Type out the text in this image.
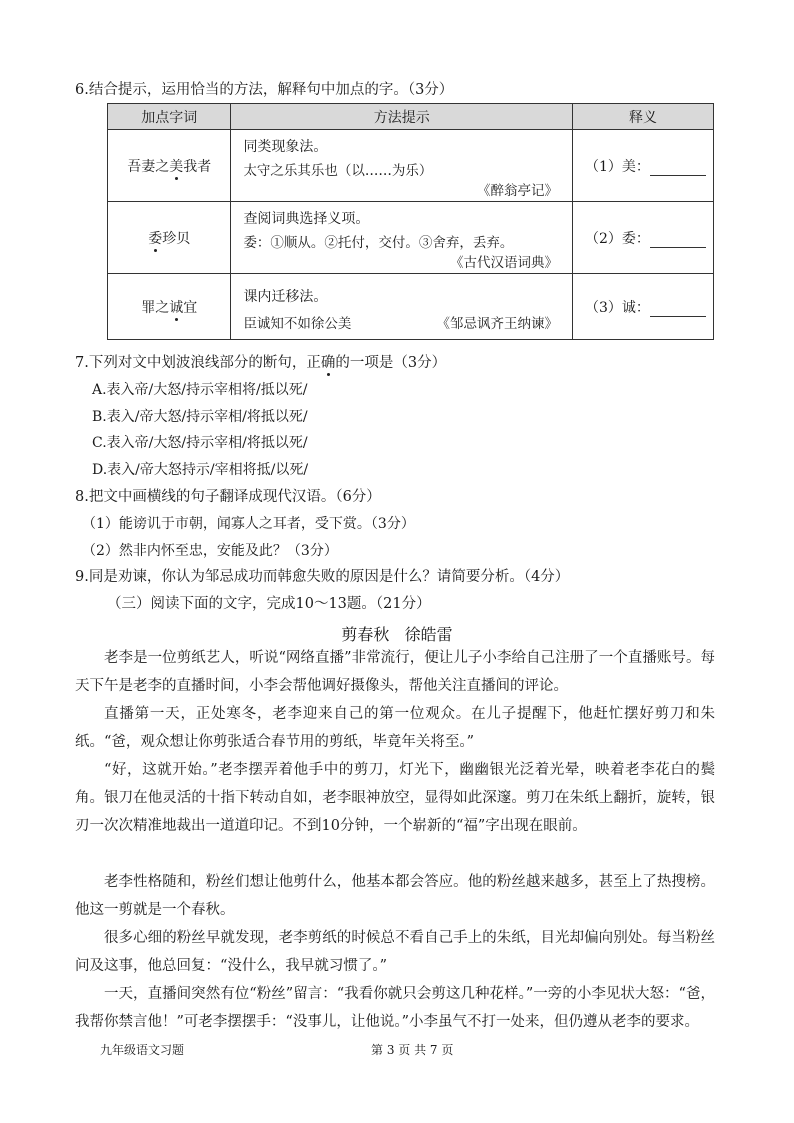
6.结合提示，运用恰当的方法，解释句中加点的字。（3分）
加点字词	方法提示	释义
吾妻之美我者	同类现象法。
太守之乐其乐也（以……为乐）
《醉翁亭记》	（1）美：
委珍贝	查阅词典选择义项。
委：①顺从。②托付，交付。③舍弃，丢弃。
《古代汉语词典》	（2）委：
罪之诚宜	课内迁移法。
臣诚知不如徐公美 《邹忌讽齐王纳谏》	（3）诚：
7.下列对文中划波浪线部分的断句，正确的一项是（3分）
A.表入帝/大怒/持示宰相将/抵以死/
B.表入/帝大怒/持示宰相/将抵以死/
C.表入帝/大怒/持示宰相/将抵以死/
D.表入/帝大怒持示/宰相将抵/以死/
8.把文中画横线的句子翻译成现代汉语。（6分）
（1）能谤讥于市朝，闻寡人之耳者，受下赏。（3分）
（2）然非内怀至忠，安能及此？（3分）
9.同是劝谏，你认为邹忌成功而韩愈失败的原因是什么？请简要分析。（4分）
（三）阅读下面的文字，完成10～13题。（21分）
剪春秋 徐皓雷
老李是一位剪纸艺人，听说“网络直播”非常流行，便让儿子小李给自己注册了一个直播账号。每天下午是老李的直播时间，小李会帮他调好摄像头，帮他关注直播间的评论。
直播第一天，正处寒冬，老李迎来自己的第一位观众。在儿子提醒下，他赶忙摆好剪刀和朱纸。“爸，观众想让你剪张适合春节用的剪纸，毕竟年关将至。”
“好，这就开始。”老李摆弄着他手中的剪刀，灯光下，幽幽银光泛着光晕，映着老李花白的鬓角。银刀在他灵活的十指下转动自如，老李眼神放空，显得如此深邃。剪刀在朱纸上翻折，旋转，银刃一次次精准地裁出一道道印记。不到10分钟，一个崭新的“福”字出现在眼前。
老李性格随和，粉丝们想让他剪什么，他基本都会答应。他的粉丝越来越多，甚至上了热搜榜。他这一剪就是一个春秋。
很多心细的粉丝早就发现，老李剪纸的时候总不看自己手上的朱纸，目光却偏向别处。每当粉丝问及这事，他总回复：“没什么，我早就习惯了。”
一天，直播间突然有位“粉丝”留言：“我看你就只会剪这几种花样。”一旁的小李见状大怒：“爸，我帮你禁言他！”可老李摆摆手：“没事儿，让他说。”小李虽气不打一处来，但仍遵从老李的要求。
九年级语文习题	第 3 页 共 7 页
